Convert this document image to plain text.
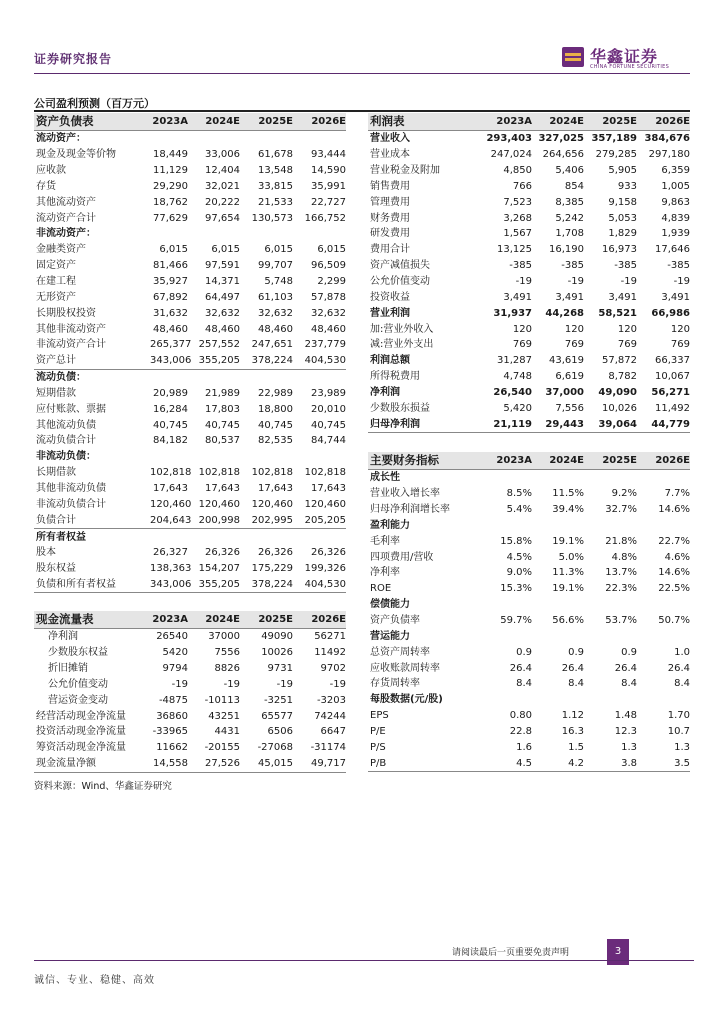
证券研究报告	华鑫证券
CHINA FORTUNE SECURITIES
公司盈利预测（百万元）
资产负债表	2023A	2024E	2025E	2026E
流动资产：				
现金及现金等价物	18,449	33,006	61,678	93,444
应收款	11,129	12,404	13,548	14,590
存货	29,290	32,021	33,815	35,991
其他流动资产	18,762	20,222	21,533	22,727
流动资产合计	77,629	97,654	130,573	166,752
非流动资产：				
金融类资产	6,015	6,015	6,015	6,015
固定资产	81,466	97,591	99,707	96,509
在建工程	35,927	14,371	5,748	2,299
无形资产	67,892	64,497	61,103	57,878
长期股权投资	31,632	32,632	32,632	32,632
其他非流动资产	48,460	48,460	48,460	48,460
非流动资产合计	265,377	257,552	247,651	237,779
资产总计	343,006	355,205	378,224	404,530
流动负债：				
短期借款	20,989	21,989	22,989	23,989
应付账款、票据	16,284	17,803	18,800	20,010
其他流动负债	40,745	40,745	40,745	40,745
流动负债合计	84,182	80,537	82,535	84,744
非流动负债：				
长期借款	102,818	102,818	102,818	102,818
其他非流动负债	17,643	17,643	17,643	17,643
非流动负债合计	120,460	120,460	120,460	120,460
负债合计	204,643	200,998	202,995	205,205
所有者权益				
股本	26,327	26,326	26,326	26,326
股东权益	138,363	154,207	175,229	199,326
负债和所有者权益	343,006	355,205	378,224	404,530
利润表	2023A	2024E	2025E	2026E
营业收入	293,403	327,025	357,189	384,676
营业成本	247,024	264,656	279,285	297,180
营业税金及附加	4,850	5,406	5,905	6,359
销售费用	766	854	933	1,005
管理费用	7,523	8,385	9,158	9,863
财务费用	3,268	5,242	5,053	4,839
研发费用	1,567	1,708	1,829	1,939
费用合计	13,125	16,190	16,973	17,646
资产减值损失	-385	-385	-385	-385
公允价值变动	-19	-19	-19	-19
投资收益	3,491	3,491	3,491	3,491
营业利润	31,937	44,268	58,521	66,986
加:营业外收入	120	120	120	120
减:营业外支出	769	769	769	769
利润总额	31,287	43,619	57,872	66,337
所得税费用	4,748	6,619	8,782	10,067
净利润	26,540	37,000	49,090	56,271
少数股东损益	5,420	7,556	10,026	11,492
归母净利润	21,119	29,443	39,064	44,779
主要财务指标	2023A	2024E	2025E	2026E
成长性				
营业收入增长率	8.5%	11.5%	9.2%	7.7%
归母净利润增长率	5.4%	39.4%	32.7%	14.6%
盈利能力				
毛利率	15.8%	19.1%	21.8%	22.7%
四项费用/营收	4.5%	5.0%	4.8%	4.6%
净利率	9.0%	11.3%	13.7%	14.6%
ROE	15.3%	19.1%	22.3%	22.5%
偿债能力				
资产负债率	59.7%	56.6%	53.7%	50.7%
营运能力				
总资产周转率	0.9	0.9	0.9	1.0
应收账款周转率	26.4	26.4	26.4	26.4
存货周转率	8.4	8.4	8.4	8.4
每股数据(元/股)				
EPS	0.80	1.12	1.48	1.70
P/E	22.8	16.3	12.3	10.7
P/S	1.6	1.5	1.3	1.3
P/B	4.5	4.2	3.8	3.5
现金流量表	2023A	2024E	2025E	2026E
净利润	26540	37000	49090	56271
少数股东权益	5420	7556	10026	11492
折旧摊销	9794	8826	9731	9702
公允价值变动	-19	-19	-19	-19
营运资金变动	-4875	-10113	-3251	-3203
经营活动现金净流量	36860	43251	65577	74244
投资活动现金净流量	-33965	4431	6506	6647
筹资活动现金净流量	11662	-20155	-27068	-31174
现金流量净额	14,558	27,526	45,015	49,717
资料来源：Wind、华鑫证券研究
请阅读最后一页重要免责声明	3
诚信、专业、稳健、高效
